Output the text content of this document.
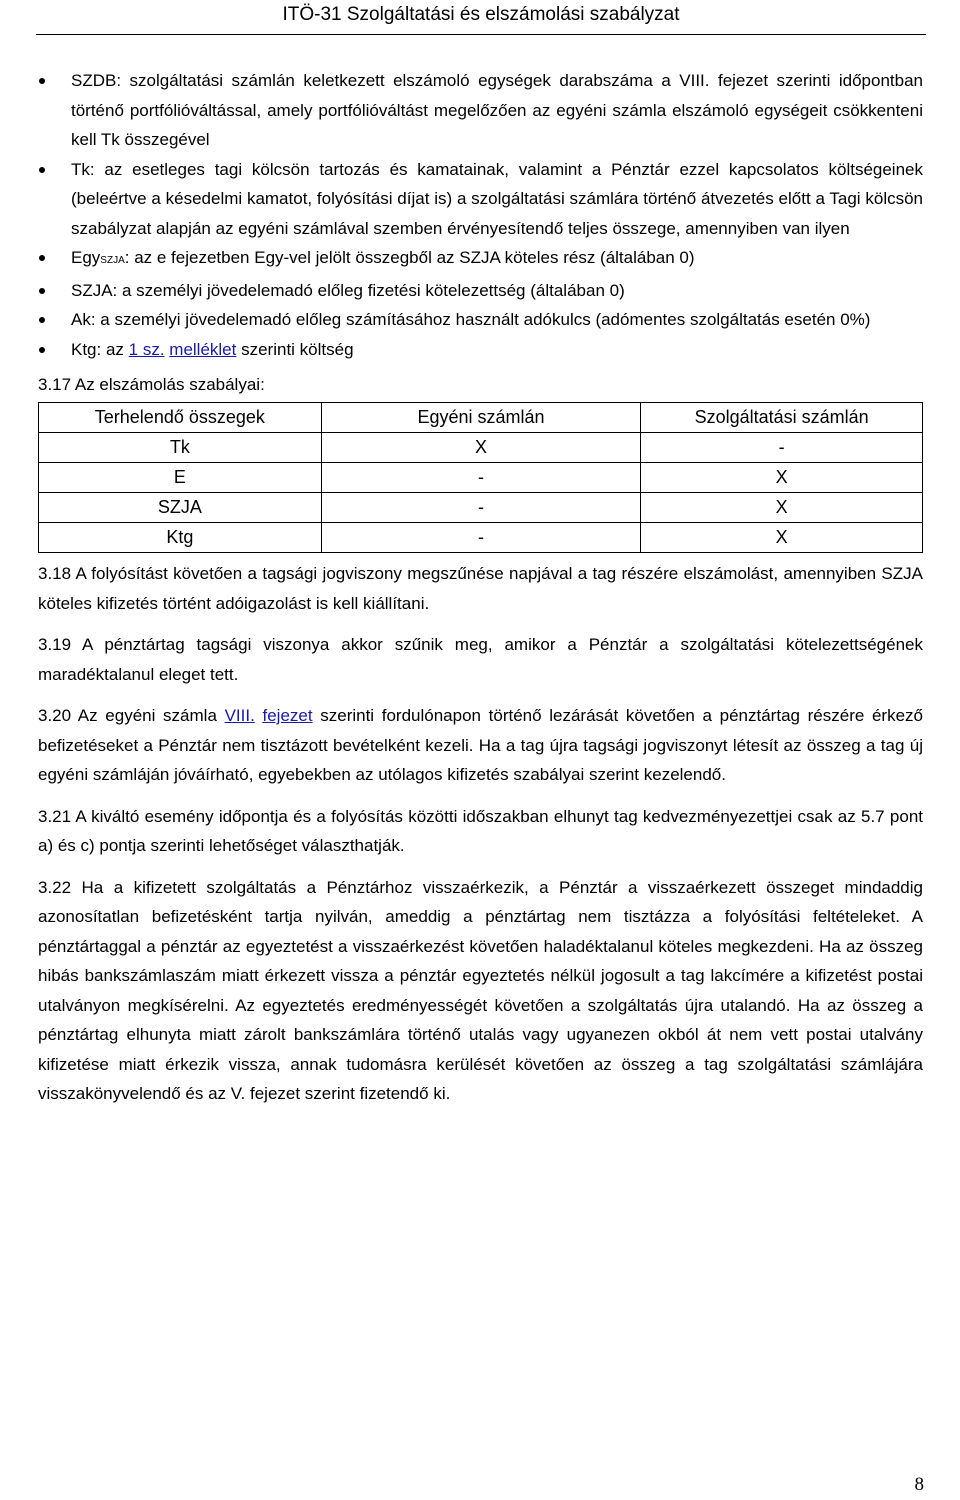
ITÖ-31 Szolgáltatási és elszámolási szabályzat
SZDB: szolgáltatási számlán keletkezett elszámoló egységek darabszáma a VIII. fejezet szerinti időpontban történő portfólióváltással, amely portfólióváltást megelőzően az egyéni számla elszámoló egységeit csökkenteni kell Tk összegével
Tk: az esetleges tagi kölcsön tartozás és kamatainak, valamint a Pénztár ezzel kapcsolatos költségeinek (beleértve a késedelmi kamatot, folyósítási díjat is) a szolgáltatási számlára történő átvezetés előtt a Tagi kölcsön szabályzat alapján az egyéni számlával szemben érvényesítendő teljes összege, amennyiben van ilyen
EgySZJA: az e fejezetben Egy-vel jelölt összegből az SZJA köteles rész (általában 0)
SZJA: a személyi jövedelemadó előleg fizetési kötelezettség (általában 0)
Ak: a személyi jövedelemadó előleg számításához használt adókulcs (adómentes szolgáltatás esetén 0%)
Ktg: az 1 sz. melléklet szerinti költség
3.17 Az elszámolás szabályai:
Terhelendő összegek	Egyéni számlán	Szolgáltatási számlán
Tk	X	-
E	-	X
SZJA	-	X
Ktg	-	X

3.18 A folyósítást követően a tagsági jogviszony megszűnése napjával a tag részére elszámolást, amennyiben SZJA köteles kifizetés történt adóigazolást is kell kiállítani.

3.19 A pénztártag tagsági viszonya akkor szűnik meg, amikor a Pénztár a szolgáltatási kötelezettségének maradéktalanul eleget tett.

3.20 Az egyéni számla VIII. fejezet szerinti fordulónapon történő lezárását követően a pénztártag részére érkező befizetéseket a Pénztár nem tisztázott bevételként kezeli. Ha a tag újra tagsági jogviszonyt létesít az összeg a tag új egyéni számláján jóváírható, egyebekben az utólagos kifizetés szabályai szerint kezelendő.

3.21 A kiváltó esemény időpontja és a folyósítás közötti időszakban elhunyt tag kedvezményezettjei csak az 5.7 pont a) és c) pontja szerinti lehetőséget választhatják.

3.22 Ha a kifizetett szolgáltatás a Pénztárhoz visszaérkezik, a Pénztár a visszaérkezett összeget mindaddig azonosítatlan befizetésként tartja nyilván, ameddig a pénztártag nem tisztázza a folyósítási feltételeket. A pénztártaggal a pénztár az egyeztetést a visszaérkezést követően haladéktalanul köteles megkezdeni. Ha az összeg hibás bankszámlaszám miatt érkezett vissza a pénztár egyeztetés nélkül jogosult a tag lakcímére a kifizetést postai utalványon megkísérelni. Az egyeztetés eredményességét követően a szolgáltatás újra utalandó. Ha az összeg a pénztártag elhunyta miatt zárolt bankszámlára történő utalás vagy ugyanezen okból át nem vett postai utalvány kifizetése miatt érkezik vissza, annak tudomásra kerülését követően az összeg a tag szolgáltatási számlájára visszakönyvelendő és az V. fejezet szerint fizetendő ki.

8
